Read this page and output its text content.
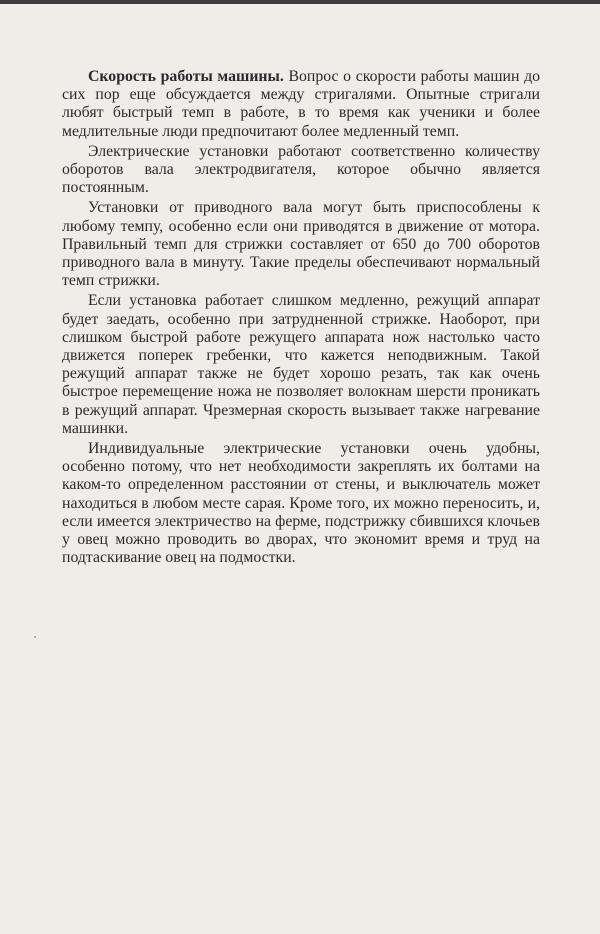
Скорость работы машины. Вопрос о скорости работы машин до сих пор еще обсуждается между стригалями. Опытные стригали любят быстрый темп в работе, в то время как ученики и более медлительные люди предпочитают более медленный темп.

Электрические установки работают соответственно количеству оборотов вала электродвигателя, которое обычно является постоянным.

Установки от приводного вала могут быть приспособлены к любому темпу, особенно если они приводятся в движение от мотора. Правильный темп для стрижки составляет от 650 до 700 оборотов приводного вала в минуту. Такие пределы обеспечивают нормальный темп стрижки.

Если установка работает слишком медленно, режущий аппарат будет заедать, особенно при затрудненной стрижке. Наоборот, при слишком быстрой работе режущего аппарата нож настолько часто движется поперек гребенки, что кажется неподвижным. Такой режущий аппарат также не будет хорошо резать, так как очень быстрое перемещение ножа не позволяет волокнам шерсти проникать в режущий аппарат. Чрезмерная скорость вызывает также нагревание машинки.

Индивидуальные электрические установки очень удобны, особенно потому, что нет необходимости закреплять их болтами на каком-то определенном расстоянии от стены, и выключатель может находиться в любом месте сарая. Кроме того, их можно переносить, и, если имеется электричество на ферме, подстрижку сбившихся клочьев у овец можно проводить во дворах, что экономит время и труд на подтаскивание овец на подмостки.
